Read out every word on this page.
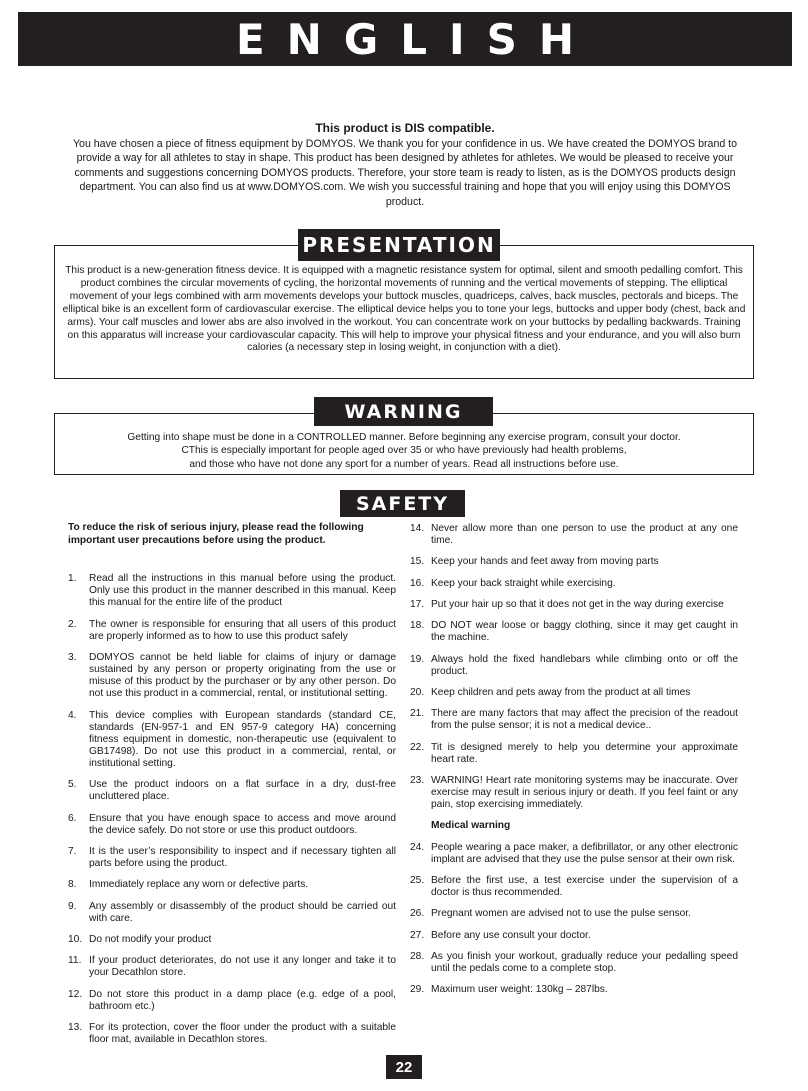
ENGLISH
This product is DIS compatible.
You have chosen a piece of fitness equipment by DOMYOS. We thank you for your confidence in us. We have created the DOMYOS brand to provide a way for all athletes to stay in shape. This product has been designed by athletes for athletes. We would be pleased to receive your comments and suggestions concerning DOMYOS products. Therefore, your store team is ready to listen, as is the DOMYOS products design department. You can also find us at www.DOMYOS.com. We wish you successful training and hope that you will enjoy using this DOMYOS product.
This product is a new-generation fitness device. It is equipped with a magnetic resistance system for optimal, silent and smooth pedalling comfort. This product combines the circular movements of cycling, the horizontal movements of running and the vertical movements of stepping. The elliptical movement of your legs combined with arm movements develops your buttock muscles, quadriceps, calves, back muscles, pectorals and biceps. The elliptical bike is an excellent form of cardiovascular exercise. The elliptical device helps you to tone your legs, buttocks and upper body (chest, back and arms). Your calf muscles and lower abs are also involved in the workout. You can concentrate work on your buttocks by pedalling backwards. Training on this apparatus will increase your cardiovascular capacity. This will help to improve your physical fitness and your endurance, and you will also burn calories (a necessary step in losing weight, in conjunction with a diet).
PRESENTATION
Getting into shape must be done in a CONTROLLED manner. Before beginning any exercise program, consult your doctor.
CThis is especially important for people aged over 35 or who have previously had health problems,
and those who have not done any sport for a number of years. Read all instructions before use.
WARNING
SAFETY
To reduce the risk of serious injury, please read the following important user precautions before using the product.
1. Read all the instructions in this manual before using the product. Only use this product in the manner described in this manual. Keep this manual for the entire life of the product
2. The owner is responsible for ensuring that all users of this product are properly informed as to how to use this product safely
3. DOMYOS cannot be held liable for claims of injury or damage sustained by any person or property originating from the use or misuse of this product by the purchaser or by any other person. Do not use this product in a commercial, rental, or institutional setting.
4. This device complies with European standards (standard CE, standards (EN-957-1 and EN 957-9 category HA) concerning fitness equipment in domestic, non-therapeutic use (equivalent to GB17498). Do not use this product in a commercial, rental, or institutional setting.
5. Use the product indoors on a flat surface in a dry, dust-free uncluttered place.
6. Ensure that you have enough space to access and move around the device safely. Do not store or use this product outdoors.
7. It is the user’s responsibility to inspect and if necessary tighten all parts before using the product.
8. Immediately replace any worn or defective parts.
9. Any assembly or disassembly of the product should be carried out with care.
10. Do not modify your product
11. If your product deteriorates, do not use it any longer and take it to your Decathlon store.
12. Do not store this product in a damp place (e.g. edge of a pool, bathroom etc.)
13. For its protection, cover the floor under the product with a suitable floor mat, available in Decathlon stores.
14. Never allow more than one person to use the product at any one time.
15. Keep your hands and feet away from moving parts
16. Keep your back straight while exercising.
17. Put your hair up so that it does not get in the way during exercise
18. DO NOT wear loose or baggy clothing, since it may get caught in the machine.
19. Always hold the fixed handlebars while climbing onto or off the product.
20. Keep children and pets away from the product at all times
21. There are many factors that may affect the precision of the readout from the pulse sensor; it is not a medical device..
22. Tit is designed merely to help you determine your approximate heart rate.
23. WARNING! Heart rate monitoring systems may be inaccurate. Over exercise may result in serious injury or death. If you feel faint or any pain, stop exercising immediately.
Medical warning
24. People wearing a pace maker, a defibrillator, or any other electronic implant are advised that they use the pulse sensor at their own risk.
25. Before the first use, a test exercise under the supervision of a doctor is thus recommended.
26. Pregnant women are advised not to use the pulse sensor.
27. Before any use consult your doctor.
28. As you finish your workout, gradually reduce your pedalling speed until the pedals come to a complete stop.
29. Maximum user weight: 130kg – 287lbs.
22
